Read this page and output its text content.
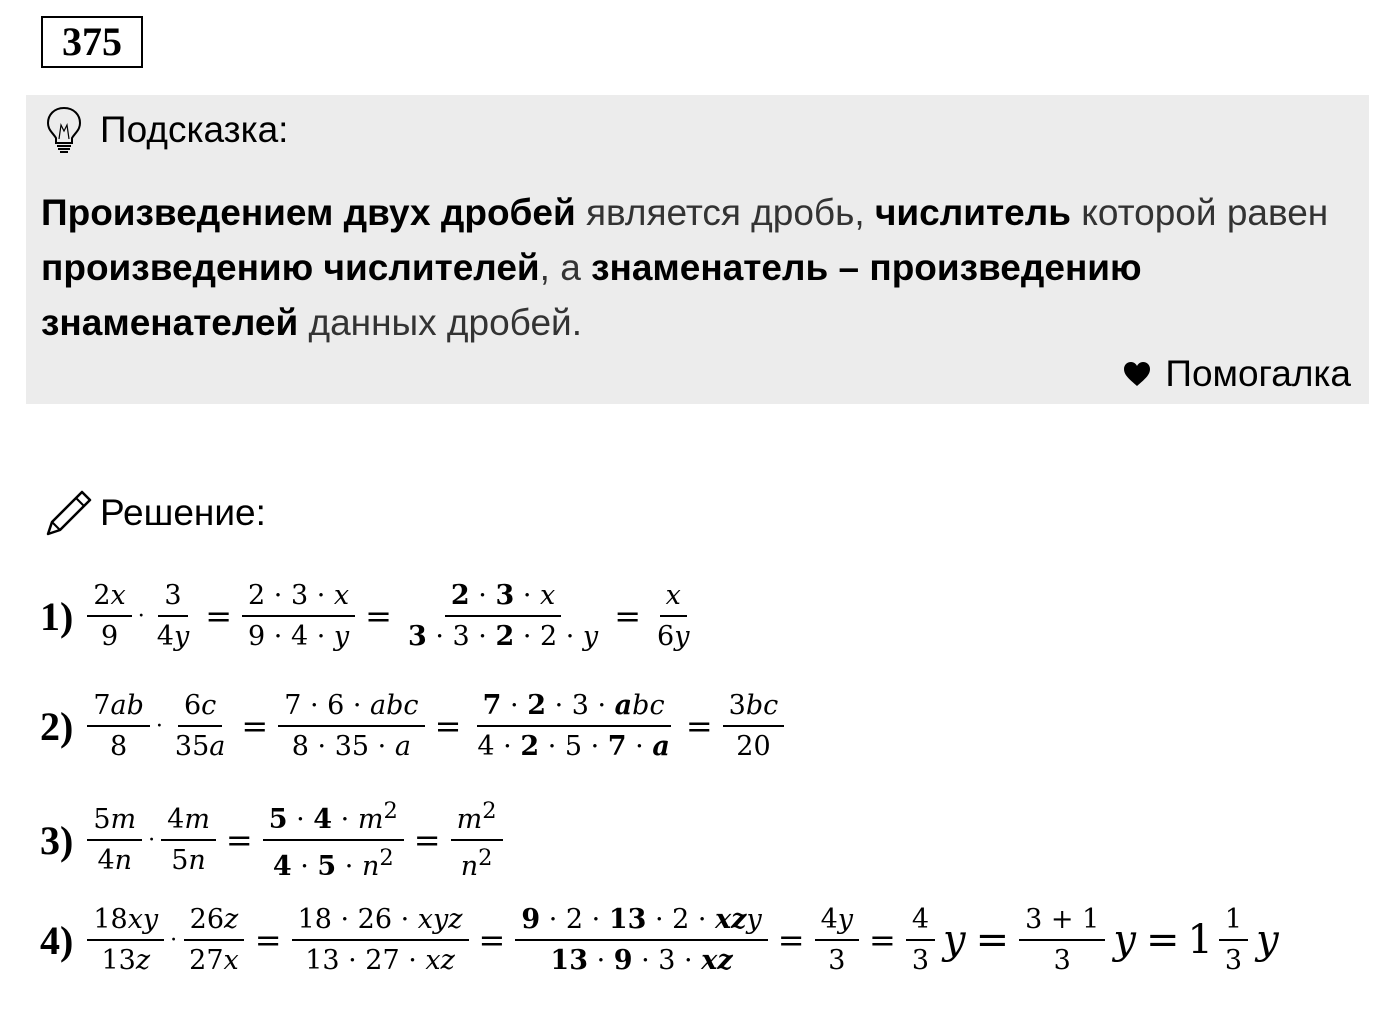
375
Подсказка:
Произведением двух дробей является дробь, числитель которой равен произведению числителей, а знаменатель – произведению знаменателей данных дробей.
Помогалка
Решение:
$1) \frac{2x}{9} \cdot \frac{3}{4y} = \frac{2 \cdot 3 \cdot x}{9 \cdot 4 \cdot y} = \frac{2 \cdot 3 \cdot x}{3 \cdot 3 \cdot 2 \cdot 2 \cdot y} = \frac{x}{6y}$
$2) \frac{7ab}{8} \cdot \frac{6c}{35a} = \frac{\text{7 · 6 · abc}}{8 \cdot 35 \cdot a} = \frac{\text{7 · 2 · 3 · abc}}{4 \cdot 2 \cdot 5 \cdot 7 \cdot a} = \frac{3bc}{20}$
$3) \frac{5m}{4n} \cdot \frac{4m}{5n} = \frac{5 \cdot 4 \cdot m^2}{4 \cdot 5 \cdot n^2} = \frac{m^2}{n^2}$
$4) \frac{18xy}{13z} \cdot \frac{26z}{27x} = \frac{\text{18 · 26 · xyz}}{13 \cdot 27 \cdot xz} = \frac{\text{9 · 2 · 13 · 2 · xzy}}{13 \cdot 9 \cdot 3 \cdot xz} = \frac{4y}{3} = \frac{4}{3}$ $y = \frac{3 + 1}{3}$ $y = 1 \frac{1}{3}$ y
